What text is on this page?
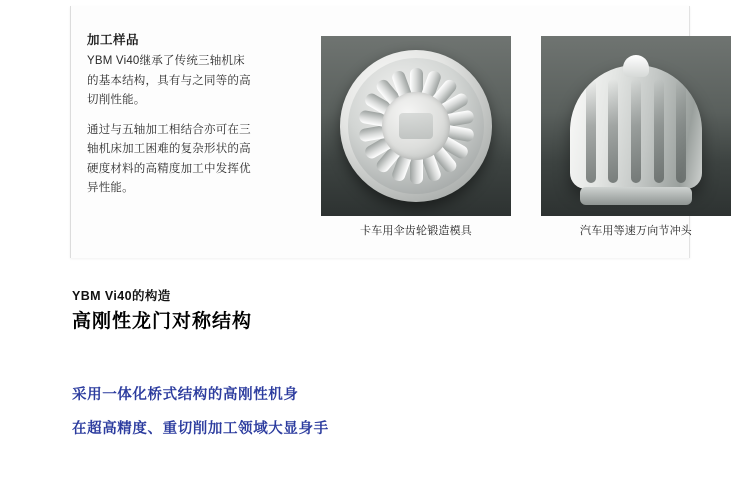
加工样品

YBM Vi40继承了传统三轴机床的基本结构，具有与之同等的高切削性能。

通过与五轴加工相结合亦可在三轴机床加工困难的复杂形状的高硬度材料的高精度加工中发挥优异性能。

卡车用伞齿轮锻造模具	汽车用等速万向节冲头
YBM Vi40的构造
高刚性龙门对称结构
采用一体化桥式结构的高刚性机身
在超高精度、重切削加工领域大显身手
